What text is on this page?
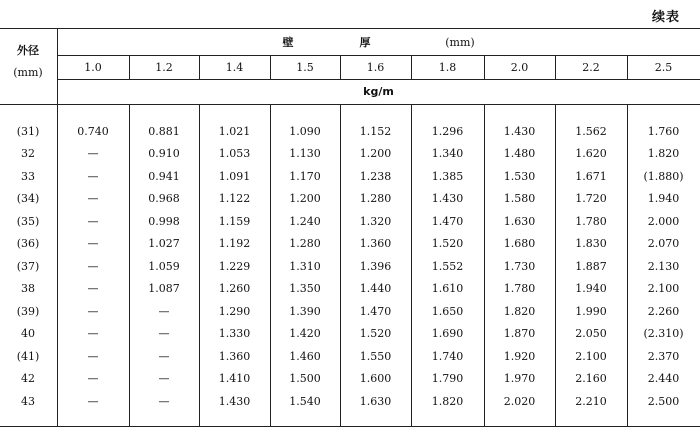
续表
外径
(mm)
壁	厚	(mm)
1.0	1.2	1.4	1.5	1.6	1.8	2.0	2.2	2.5
kg/m
(31)	0.740	0.881	1.021	1.090	1.152	1.296	1.430	1.562	1.760
32	—	0.910	1.053	1.130	1.200	1.340	1.480	1.620	1.820
33	—	0.941	1.091	1.170	1.238	1.385	1.530	1.671	(1.880)
(34)	—	0.968	1.122	1.200	1.280	1.430	1.580	1.720	1.940
(35)	—	0.998	1.159	1.240	1.320	1.470	1.630	1.780	2.000
(36)	—	1.027	1.192	1.280	1.360	1.520	1.680	1.830	2.070
(37)	—	1.059	1.229	1.310	1.396	1.552	1.730	1.887	2.130
38	—	1.087	1.260	1.350	1.440	1.610	1.780	1.940	2.100
(39)	—	—	1.290	1.390	1.470	1.650	1.820	1.990	2.260
40	—	—	1.330	1.420	1.520	1.690	1.870	2.050	(2.310)
(41)	—	—	1.360	1.460	1.550	1.740	1.920	2.100	2.370
42	—	—	1.410	1.500	1.600	1.790	1.970	2.160	2.440
43	—	—	1.430	1.540	1.630	1.820	2.020	2.210	2.500
